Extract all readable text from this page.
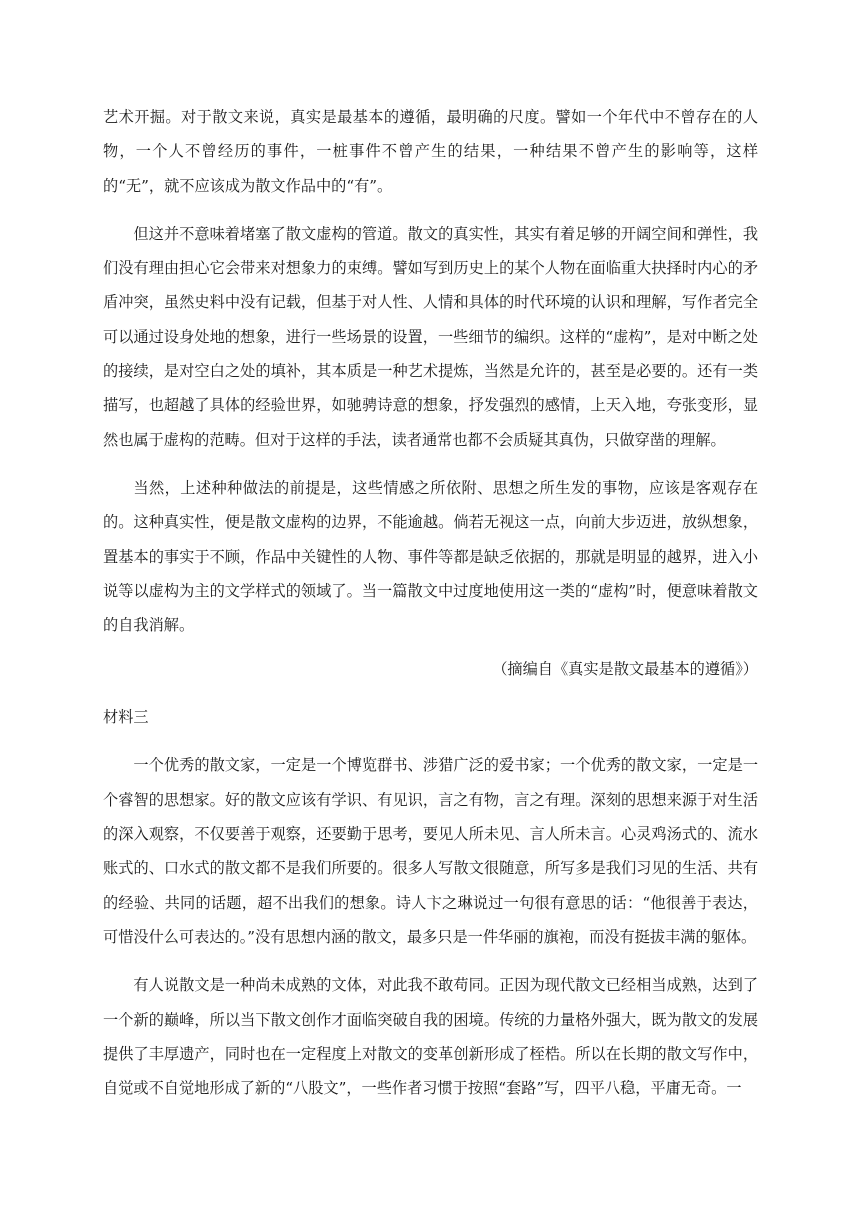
艺术开掘。对于散文来说，真实是最基本的遵循，最明确的尺度。譬如一个年代中不曾存在的人物，一个人不曾经历的事件，一桩事件不曾产生的结果，一种结果不曾产生的影响等，这样的“无”，就不应该成为散文作品中的“有”。

但这并不意味着堵塞了散文虚构的管道。散文的真实性，其实有着足够的开阔空间和弹性，我们没有理由担心它会带来对想象力的束缚。譬如写到历史上的某个人物在面临重大抉择时内心的矛盾冲突，虽然史料中没有记载，但基于对人性、人情和具体的时代环境的认识和理解，写作者完全可以通过设身处地的想象，进行一些场景的设置，一些细节的编织。这样的“虚构”，是对中断之处的接续，是对空白之处的填补，其本质是一种艺术提炼，当然是允许的，甚至是必要的。还有一类描写，也超越了具体的经验世界，如驰骋诗意的想象，抒发强烈的感情，上天入地，夸张变形，显然也属于虚构的范畴。但对于这样的手法，读者通常也都不会质疑其真伪，只做穿凿的理解。

当然，上述种种做法的前提是，这些情感之所依附、思想之所生发的事物，应该是客观存在的。这种真实性，便是散文虚构的边界，不能逾越。倘若无视这一点，向前大步迈进，放纵想象，置基本的事实于不顾，作品中关键性的人物、事件等都是缺乏依据的，那就是明显的越界，进入小说等以虚构为主的文学样式的领域了。当一篇散文中过度地使用这一类的“虚构”时，便意味着散文的自我消解。

（摘编自《真实是散文最基本的遵循》）

材料三

一个优秀的散文家，一定是一个博览群书、涉猎广泛的爱书家；一个优秀的散文家，一定是一个睿智的思想家。好的散文应该有学识、有见识，言之有物，言之有理。深刻的思想来源于对生活的深入观察，不仅要善于观察，还要勤于思考，要见人所未见、言人所未言。心灵鸡汤式的、流水账式的、口水式的散文都不是我们所要的。很多人写散文很随意，所写多是我们习见的生活、共有的经验、共同的话题，超不出我们的想象。诗人卞之琳说过一句很有意思的话：“他很善于表达，可惜没什么可表达的。”没有思想内涵的散文，最多只是一件华丽的旗袍，而没有挺拔丰满的躯体。

有人说散文是一种尚未成熟的文体，对此我不敢苟同。正因为现代散文已经相当成熟，达到了一个新的巅峰，所以当下散文创作才面临突破自我的困境。传统的力量格外强大，既为散文的发展提供了丰厚遗产，同时也在一定程度上对散文的变革创新形成了桎梏。所以在长期的散文写作中，自觉或不自觉地形成了新的“八股文”，一些作者习惯于按照“套路”写，四平八稳，平庸无奇。一
